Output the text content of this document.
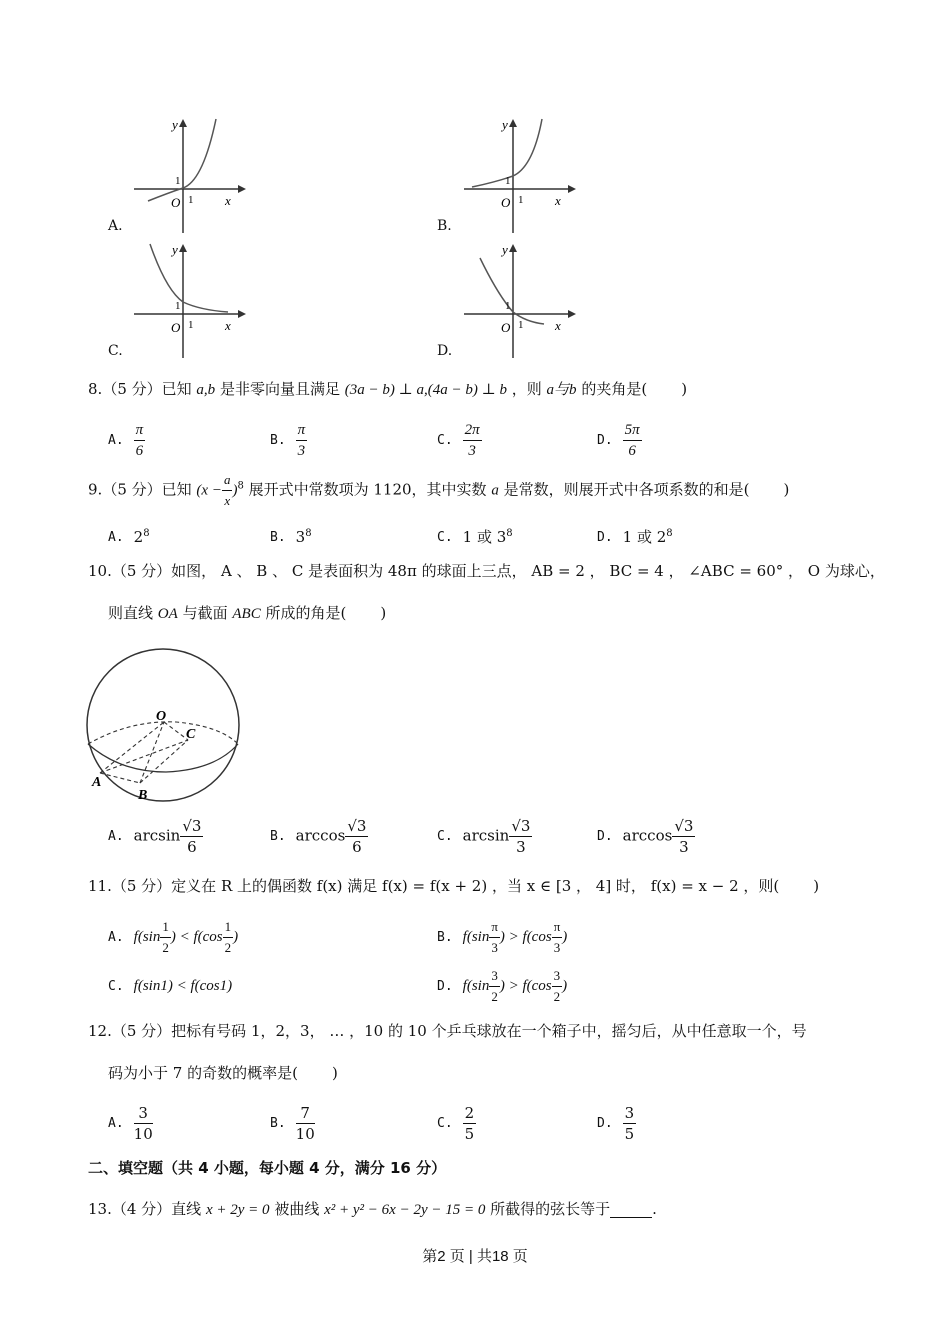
y
x
O 1
1
A.
y
x
O 1
1
B.
y
x
O 1
1
C.
y
x
O 1
1
D.
8.（5 分）已知 a,b 是非零向量且满足 (3a − b) ⊥ a,(4a − b) ⊥ b ，则 a与b 的夹角是( )
A. $\frac{\pi}{6}$	B. $\frac{\pi}{3}$	C. $\frac{2\pi}{3}$	D. $\frac{5\pi}{6}$
9.（5 分）已知 $(x - \frac{a}{x} )^8$ 展开式中常数项为 1120，其中实数 a 是常数，则展开式中各项系数的和是( )
A. $2^8$	B. $3^8$	C. 1 或 $3^8$	D. 1 或 $2^8$
10.（5 分）如图， A 、 B 、 C 是表面积为 48π 的球面上三点， AB = 2 ， BC = 4 ， ∠ABC = 60° ， O 为球心，
则直线 OA 与截面 ABC 所成的角是( )
O
C
A
B
A. $\arcsin \frac{√3}{6}$	B. $\arccos \frac{√3}{6}$	C. $\arcsin \frac{√3}{3}$	D. $\arccos \frac{√3}{3}$
11.（5 分）定义在 R 上的偶函数 f(x) 满足 f(x) = f(x + 2) ，当 x ∈ [3 ， 4] 时， f(x) = x − 2 ，则( )
A. $f(\sin \frac{1}{2}$ ) < $f(\cos \frac{1}{2}$ )	B. $f(\sin \frac{\pi}{3}$ ) > $f(\cos \frac{\pi}{3}$ )
C. f(sin1) < f(cos1)	D. $f(\sin \frac{3}{2}$ ) > $f(\cos \frac{3}{2}$ )
12.（5 分）把标有号码 1，2，3， … ，10 的 10 个乒乓球放在一个箱子中，摇匀后，从中任意取一个，号
码为小于 7 的奇数的概率是( )
A. $\frac{3}{10}$	B. $\frac{7}{10}$	C. $\frac{2}{5}$	D. $\frac{3}{5}$
二、填空题（共 4 小题，每小题 4 分，满分 16 分）
13.（4 分）直线 x + 2y = 0 被曲线 x² + y² − 6x − 2y − 15 = 0 所截得的弦长等于	.
第2 页 | 共18 页
